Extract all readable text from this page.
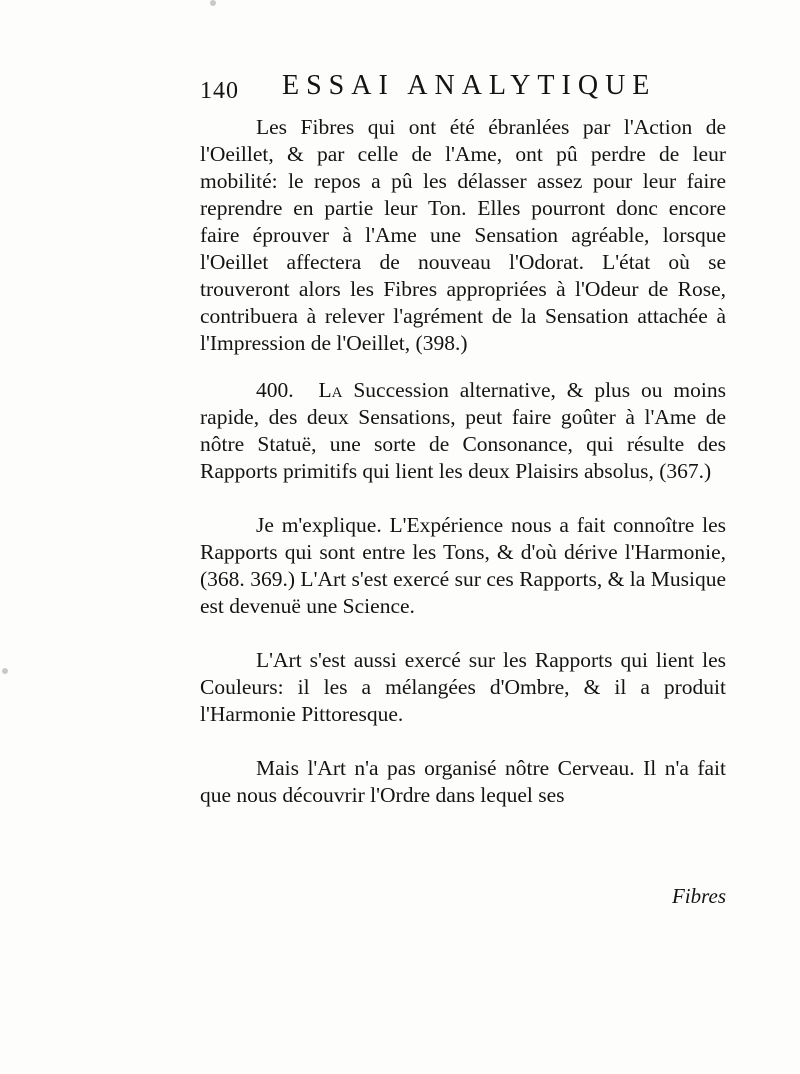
140 ESSAI ANALYTIQUE

Les Fibres qui ont été ébranlées par l'Action de l'Oeillet, & par celle de l'Ame, ont pû perdre de leur mobilité: le repos a pû les délasser assez pour leur faire reprendre en partie leur Ton. Elles pourront donc encore faire éprouver à l'Ame une Sensation agréable, lorsque l'Oeillet affectera de nouveau l'Odorat. L'état où se trouveront alors les Fibres appropriées à l'Odeur de Rose, contribuera à relever l'agrément de la Sensation attachée à l'Impression de l'Oeillet, (398.)

400. La Succession alternative, & plus ou moins rapide, des deux Sensations, peut faire goûter à l'Ame de nôtre Statuë, une sorte de Consonance, qui résulte des Rapports primitifs qui lient les deux Plaisirs absolus, (367.)

Je m'explique. L'Expérience nous a fait connoître les Rapports qui sont entre les Tons, & d'où dérive l'Harmonie, (368. 369.) L'Art s'est exercé sur ces Rapports, & la Musique est devenuë une Science.

L'Art s'est aussi exercé sur les Rapports qui lient les Couleurs: il les a mélangées d'Ombre, & il a produit l'Harmonie Pittoresque.

Mais l'Art n'a pas organisé nôtre Cerveau. Il n'a fait que nous découvrir l'Ordre dans lequel ses

Fibres
